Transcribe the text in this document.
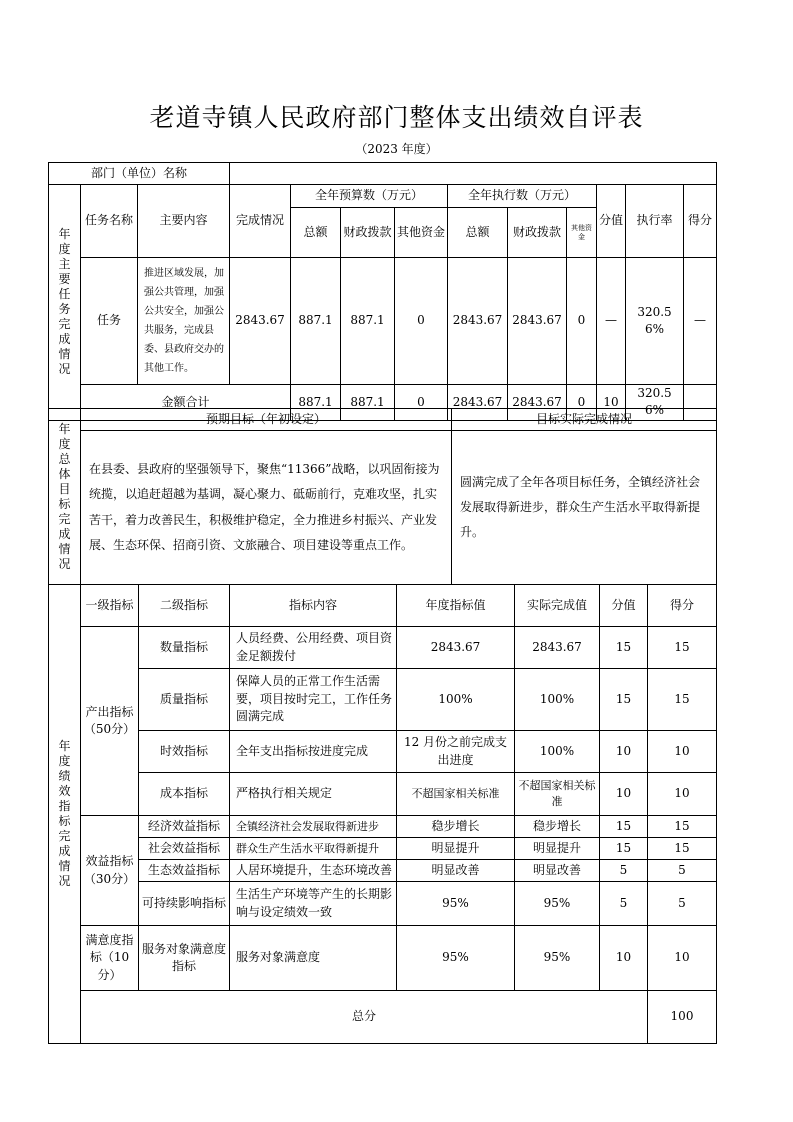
老道寺镇人民政府部门整体支出绩效自评表
（2023 年度）
部门（单位）名称												
年度主要任务完成情况	任务名称	主要内容	完成情况	全年预算数（万元）			全年执行数（万元）			分值	执行率	得分
				总额	财政拨款	其他资金	总额	财政拨款	其他资金			
	任务	推进区域发展，加强公共管理，加强公共安全，加强公共服务，完成县委、县政府交办的其他工作。	2843.67	887.1	887.1	0	2843.67	2843.67	0	—	320.56%	—
	金额合计			887.1	887.1	0	2843.67	2843.67	0	10	320.56%	
年度总体目标完成情况	预期目标（年初设定）	目标实际完成情况
	在县委、县政府的坚强领导下，聚焦“11366”战略，以巩固衔接为统揽，以追赶超越为基调，凝心聚力、砥砺前行，克难攻坚，扎实苦干，着力改善民生，积极维护稳定，全力推进乡村振兴、产业发展、生态环保、招商引资、文旅融合、项目建设等重点工作。	圆满完成了全年各项目标任务，全镇经济社会发展取得新进步，群众生产生活水平取得新提升。
年度绩效指标完成情况	一级指标	二级指标	指标内容	年度指标值	实际完成值	分值	得分	
	产出指标（50分）	数量指标	人员经费、公用经费、项目资金足额拨付	2843.67	2843.67	15	15	
		质量指标	保障人员的正常工作生活需要，项目按时完工，工作任务圆满完成	100%	100%	15	15	
		时效指标	全年支出指标按进度完成	12 月份之前完成支出进度	100%	10	10	
		成本指标	严格执行相关规定	不超国家相关标准	不超国家相关标准	10	10	
	效益指标（30分）	经济效益指标	全镇经济社会发展取得新进步	稳步增长	稳步增长	15	15	
		社会效益指标	群众生产生活水平取得新提升	明显提升	明显提升	15	15	
		生态效益指标	人居环境提升，生态环境改善	明显改善	明显改善	5	5	
		可持续影响指标	生活生产环境等产生的长期影响与设定绩效一致	95%	95%	5	5	
	满意度指标（10分）	服务对象满意度指标	服务对象满意度	95%	95%	10	10	
	总分						100	
